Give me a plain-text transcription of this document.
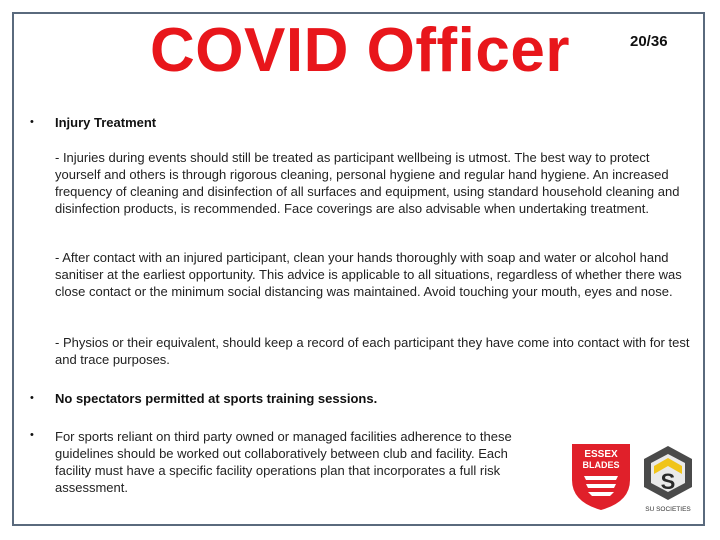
COVID Officer	20/36
• Injury Treatment
- Injuries during events should still be treated as participant wellbeing is utmost. The best way to protect yourself and others is through rigorous cleaning, personal hygiene and regular hand hygiene. An increased frequency of cleaning and disinfection of all surfaces and equipment, using standard household cleaning and disinfection products, is recommended. Face coverings are also advisable when undertaking treatment.
- After contact with an injured participant, clean your hands thoroughly with soap and water or alcohol hand sanitiser at the earliest opportunity. This advice is applicable to all situations, regardless of whether there was close contact or the minimum social distancing was maintained. Avoid touching your mouth, eyes and nose.
- Physios or their equivalent, should keep a record of each participant they have come into contact with for test and trace purposes.
• No spectators permitted at sports training sessions.
• For sports reliant on third party owned or managed facilities adherence to these guidelines should be worked out collaboratively between club and facility. Each facility must have a specific facility operations plan that incorporates a full risk assessment.
ESSEX
BLADES
S
SU SOCIETIES
